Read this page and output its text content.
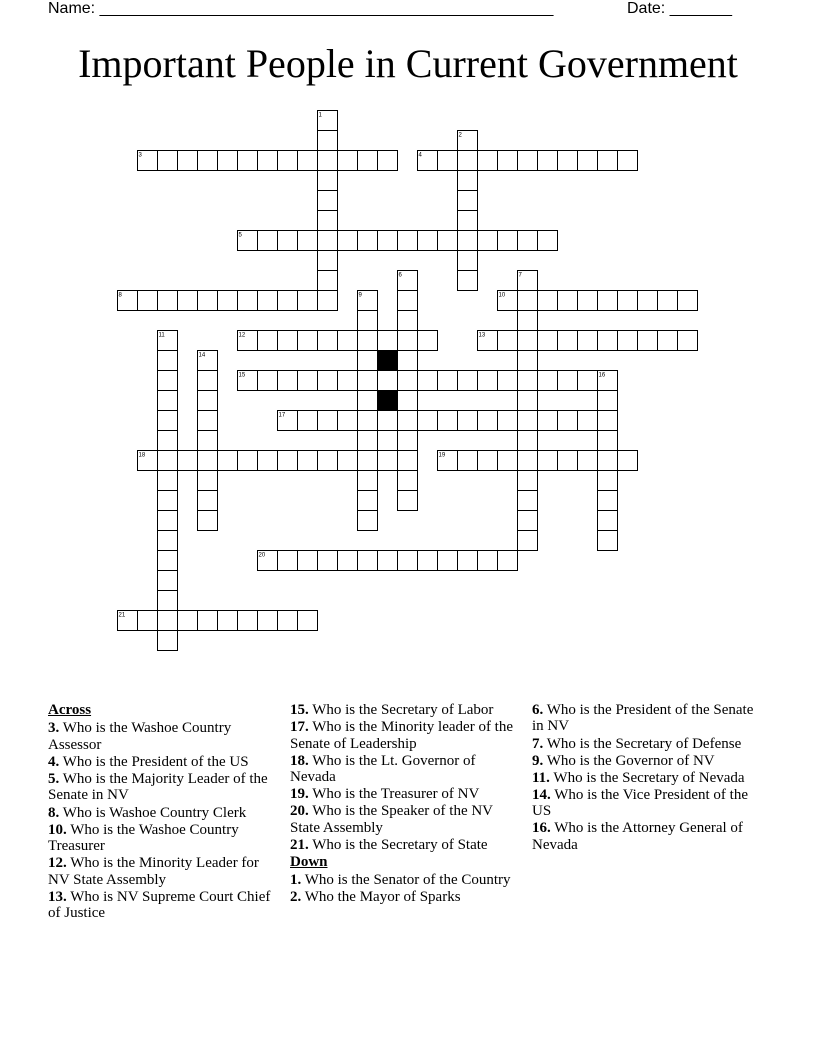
Name: ___________________________________________________	Date: _______
Important People in Current Government
1
2
3	4
5
6	7
8	9	10
11	12	13
14
15	16
17
18	19
20
21
Across
3. Who is the Washoe Country Assessor
4. Who is the President of the US
5. Who is the Majority Leader of the Senate in NV
8. Who is Washoe Country Clerk
10. Who is the Washoe Country Treasurer
12. Who is the Minority Leader for NV State Assembly
13. Who is NV Supreme Court Chief of Justice
15. Who is the Secretary of Labor
17. Who is the Minority leader of the Senate of Leadership
18. Who is the Lt. Governor of Nevada
19. Who is the Treasurer of NV
20. Who is the Speaker of the NV State Assembly
21. Who is the Secretary of State
Down
1. Who is the Senator of the Country
2. Who the Mayor of Sparks
6. Who is the President of the Senate in NV
7. Who is the Secretary of Defense
9. Who is the Governor of NV
11. Who is the Secretary of Nevada
14. Who is the Vice President of the US
16. Who is the Attorney General of Nevada
